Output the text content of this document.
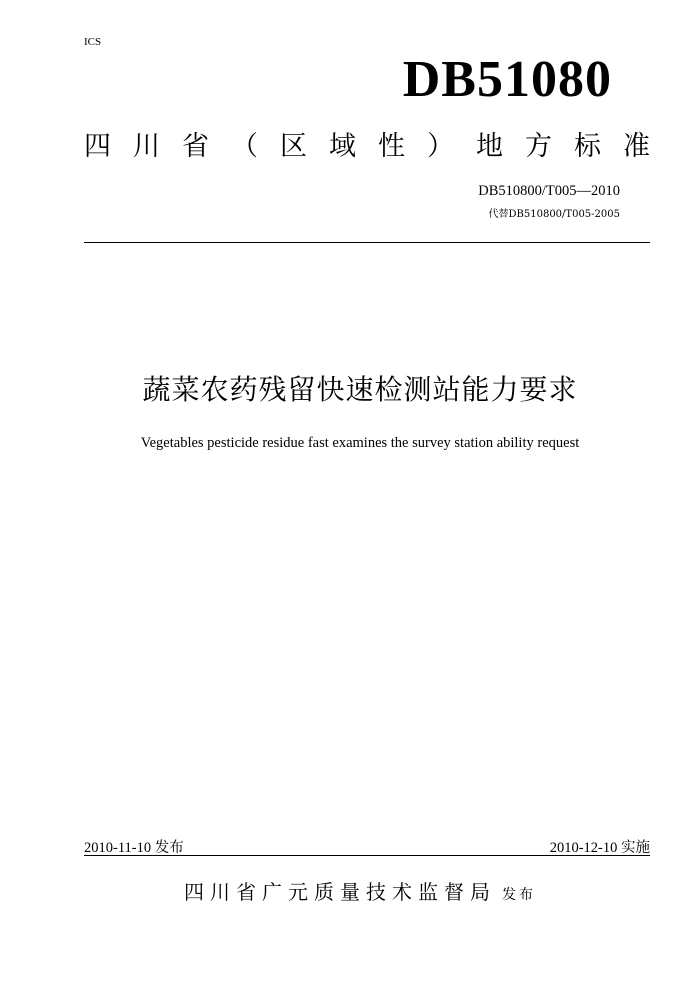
ICS
DB51080
四 川 省 （ 区 域 性 ） 地 方 标 准
DB510800/T005—2010
代替DB510800/T005-2005
蔬菜农药残留快速检测站能力要求
Vegetables pesticide residue fast examines the survey station ability request
2010-11-10 发布	2010-12-10 实施
四川省广元质量技术监督局 发布
